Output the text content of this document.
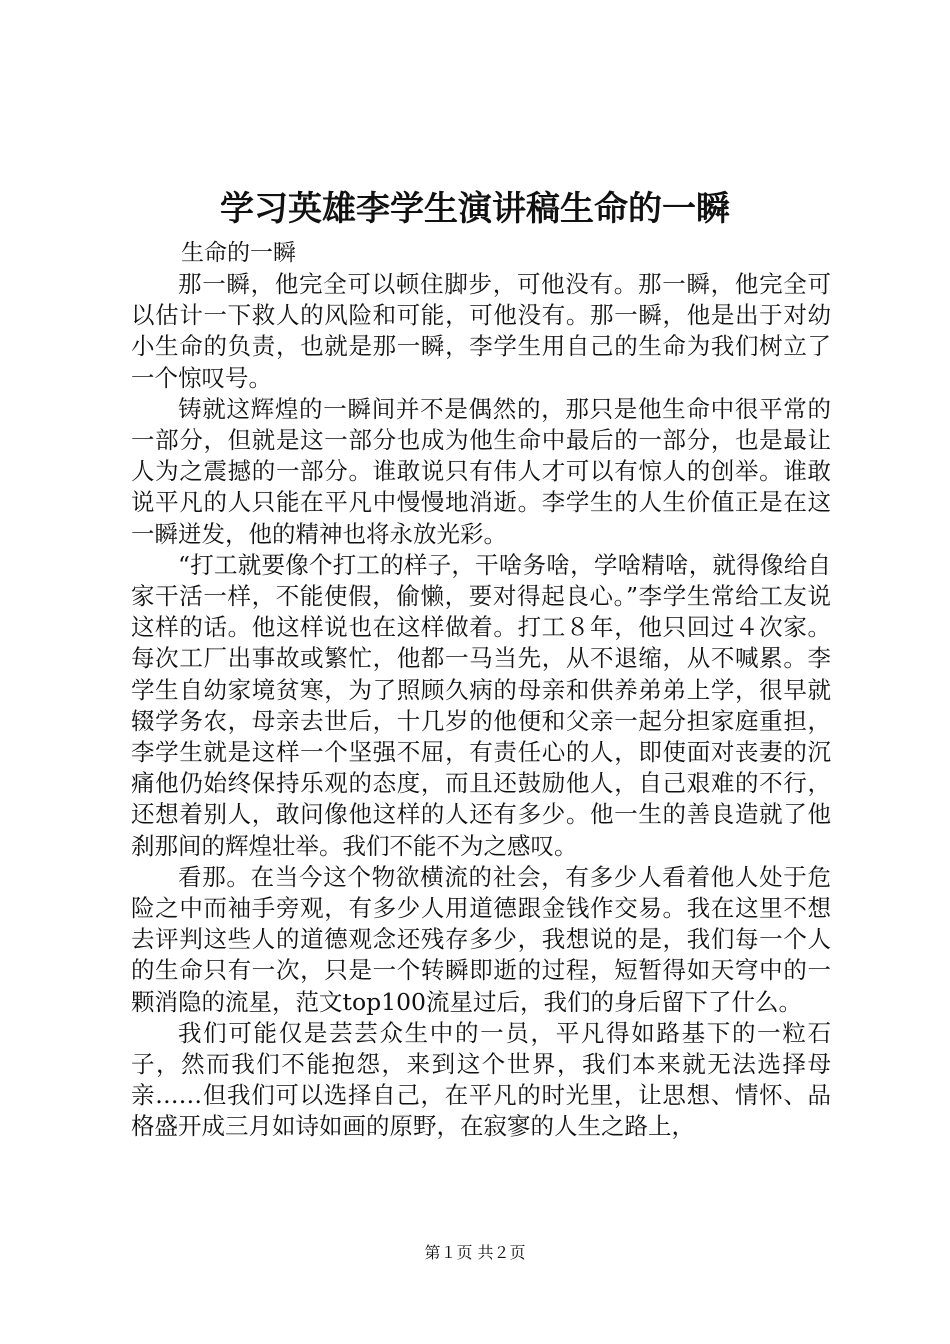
学习英雄李学生演讲稿生命的一瞬
生命的一瞬

那一瞬，他完全可以顿住脚步，可他没有。那一瞬，他完全可以估计一下救人的风险和可能，可他没有。那一瞬，他是出于对幼小生命的负责，也就是那一瞬，李学生用自己的生命为我们树立了一个惊叹号。

铸就这辉煌的一瞬间并不是偶然的，那只是他生命中很平常的一部分，但就是这一部分也成为他生命中最后的一部分，也是最让人为之震撼的一部分。谁敢说只有伟人才可以有惊人的创举。谁敢说平凡的人只能在平凡中慢慢地消逝。李学生的人生价值正是在这一瞬迸发，他的精神也将永放光彩。

“打工就要像个打工的样子，干啥务啥，学啥精啥，就得像给自家干活一样，不能使假，偷懒，要对得起良心。”李学生常给工友说这样的话。他这样说也在这样做着。打工８年，他只回过４次家。每次工厂出事故或繁忙，他都一马当先，从不退缩，从不喊累。李学生自幼家境贫寒，为了照顾久病的母亲和供养弟弟上学，很早就辍学务农，母亲去世后，十几岁的他便和父亲一起分担家庭重担，李学生就是这样一个坚强不屈，有责任心的人，即使面对丧妻的沉痛他仍始终保持乐观的态度，而且还鼓励他人，自己艰难的不行，还想着别人，敢问像他这样的人还有多少。他一生的善良造就了他刹那间的辉煌壮举。我们不能不为之感叹。

看那。在当今这个物欲横流的社会，有多少人看着他人处于危险之中而袖手旁观，有多少人用道德跟金钱作交易。我在这里不想去评判这些人的道德观念还残存多少，我想说的是，我们每一个人的生命只有一次，只是一个转瞬即逝的过程，短暂得如天穹中的一颗消隐的流星，范文top100流星过后，我们的身后留下了什么。

我们可能仅是芸芸众生中的一员，平凡得如路基下的一粒石子，然而我们不能抱怨，来到这个世界，我们本来就无法选择母亲……但我们可以选择自己，在平凡的时光里，让思想、情怀、品格盛开成三月如诗如画的原野，在寂寥的人生之路上，

第１页 共２页
